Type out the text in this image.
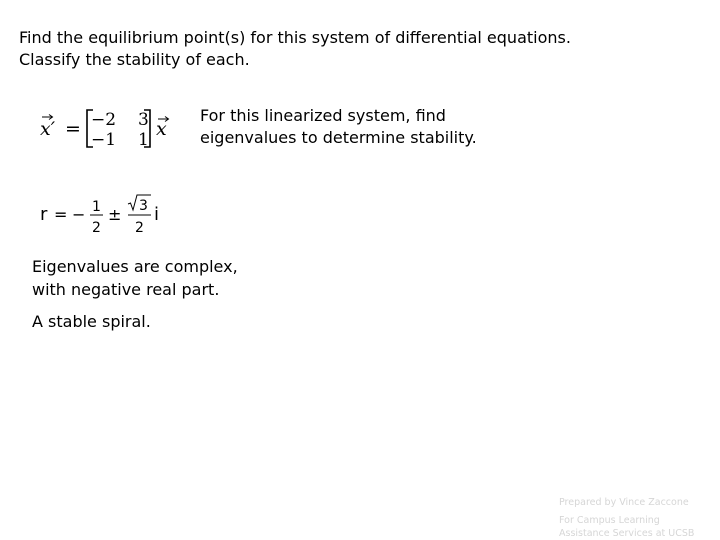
Find the equilibrium point(s) for this system of differential equations.
Classify the stability of each.
x′ = −2 3
−1 1 x
For this linearized system, find
eigenvalues to determine stability.
r = − 1
2
± 3
2
i
Eigenvalues are complex,
with negative real part.
A stable spiral.
Prepared by Vince Zaccone
For Campus Learning
Assistance Services at UCSB
